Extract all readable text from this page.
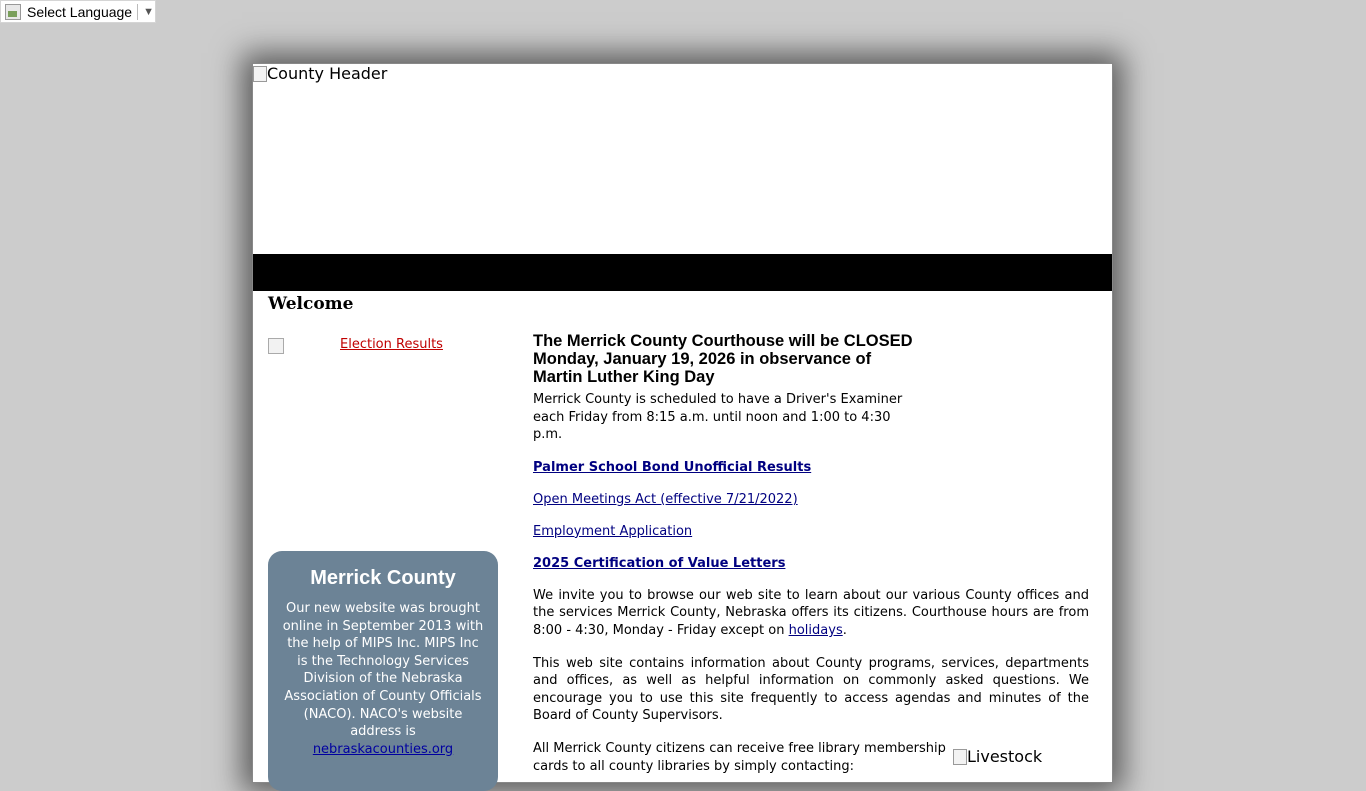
Select Language ▼
County Header
Welcome
Election Results
Merrick County

Our new website was brought online in September 2013 with the help of MIPS Inc. MIPS Inc is the Technology Services Division of the Nebraska Association of County Officials (NACO). NACO's website address is nebraskacounties.org

The Merrick County Courthouse will be CLOSED Monday, January 19, 2026 in observance of Martin Luther King Day

Merrick County is scheduled to have a Driver's Examiner each Friday from 8:15 a.m. until noon and 1:00 to 4:30 p.m.

Palmer School Bond Unofficial Results
Open Meetings Act (effective 7/21/2022)
Employment Application
2025 Certification of Value Letters

We invite you to browse our web site to learn about our various County offices and the services Merrick County, Nebraska offers its citizens. Courthouse hours are from 8:00 - 4:30, Monday - Friday except on holidays.

This web site contains information about County programs, services, departments and offices, as well as helpful information on commonly asked questions. We encourage you to use this site frequently to access agendas and minutes of the Board of County Supervisors.

All Merrick County citizens can receive free library membership cards to all county libraries by simply contacting:

Livestock
